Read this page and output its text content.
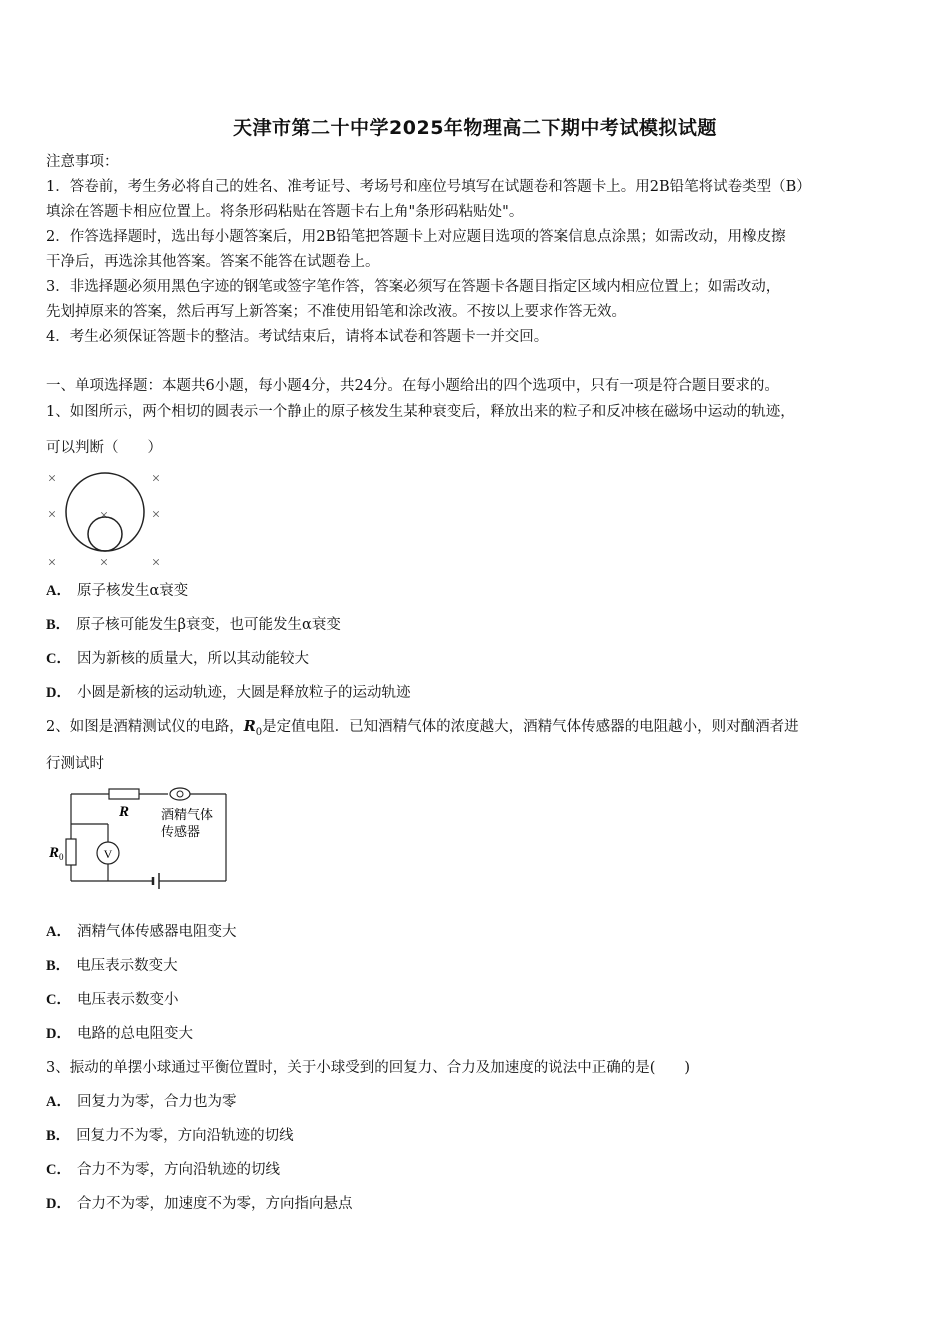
天津市第二十中学2025年物理高二下期中考试模拟试题
注意事项：
1．答卷前，考生务必将自己的姓名、准考证号、考场号和座位号填写在试题卷和答题卡上。用2B铅笔将试卷类型（B）
填涂在答题卡相应位置上。将条形码粘贴在答题卡右上角"条形码粘贴处"。
2．作答选择题时，选出每小题答案后，用2B铅笔把答题卡上对应题目选项的答案信息点涂黑；如需改动，用橡皮擦
干净后，再选涂其他答案。答案不能答在试题卷上。
3．非选择题必须用黑色字迹的钢笔或签字笔作答，答案必须写在答题卡各题目指定区域内相应位置上；如需改动，
先划掉原来的答案，然后再写上新答案；不准使用铅笔和涂改液。不按以上要求作答无效。
4．考生必须保证答题卡的整洁。考试结束后，请将本试卷和答题卡一并交回。
一、单项选择题：本题共6小题，每小题4分，共24分。在每小题给出的四个选项中，只有一项是符合题目要求的。
1、如图所示，两个相切的圆表示一个静止的原子核发生某种衰变后，释放出来的粒子和反冲核在磁场中运动的轨迹，
可以判断（　　）
×	×
×	×
×
×	×	×
A． 原子核发生α衰变
B． 原子核可能发生β衰变，也可能发生α衰变
C． 因为新核的质量大，所以其动能较大
D． 小圆是新核的运动轨迹，大圆是释放粒子的运动轨迹
2、如图是酒精测试仪的电路，$R_0$是定值电阻．已知酒精气体的浓度越大，酒精气体传感器的电阻越小，则对酗酒者进
行测试时
V
R
R 0
酒精气体
传感器
A． 酒精气体传感器电阻变大
B． 电压表示数变大
C． 电压表示数变小
D． 电路的总电阻变大
3、振动的单摆小球通过平衡位置时，关于小球受到的回复力、合力及加速度的说法中正确的是(　　)
A． 回复力为零，合力也为零
B． 回复力不为零，方向沿轨迹的切线
C． 合力不为零，方向沿轨迹的切线
D． 合力不为零，加速度不为零，方向指向悬点
